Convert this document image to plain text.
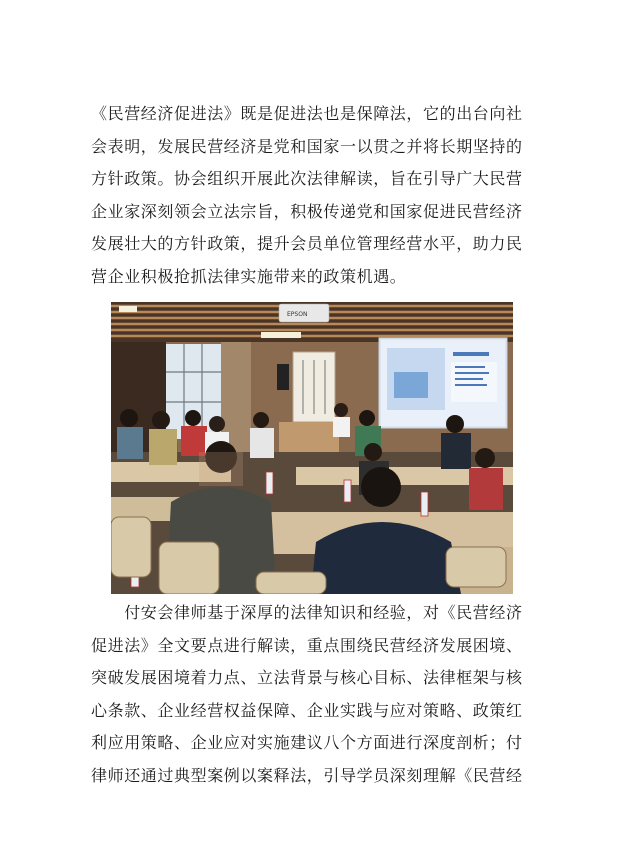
《民营经济促进法》既是促进法也是保障法，它的出台向社
会表明，发展民营经济是党和国家一以贯之并将长期坚持的
方针政策。协会组织开展此次法律解读，旨在引导广大民营
企业家深刻领会立法宗旨，积极传递党和国家促进民营经济
发展壮大的方针政策，提升会员单位管理经营水平，助力民
营企业积极抢抓法律实施带来的政策机遇。

EPSON

　　付安会律师基于深厚的法律知识和经验，对《民营经济
促进法》全文要点进行解读，重点围绕民营经济发展困境、
突破发展困境着力点、立法背景与核心目标、法律框架与核
心条款、企业经营权益保障、企业实践与应对策略、政策红
利应用策略、企业应对实施建议八个方面进行深度剖析；付
律师还通过典型案例以案释法，引导学员深刻理解《民营经
